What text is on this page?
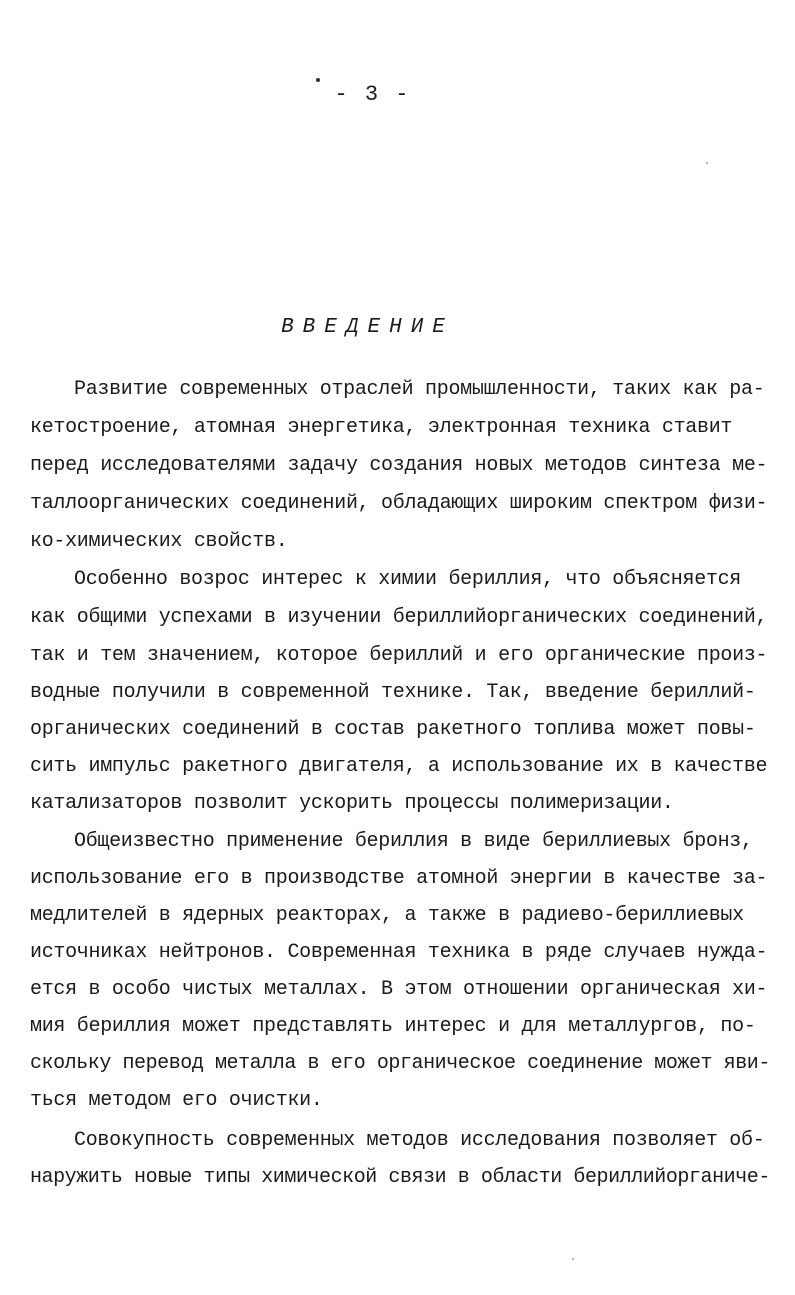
- 3 -
ВВЕДЕНИЕ
Развитие современных отраслей промышленности, таких как ра-
кетостроение, атомная энергетика, электронная техника ставит
перед исследователями задачу создания новых методов синтеза ме-
таллоорганических соединений, обладающих широким спектром физи-
ко-химических свойств.
Особенно возрос интерес к химии бериллия, что объясняется
как общими успехами в изучении бериллийорганических соединений,
так и тем значением, которое бериллий и его органические произ-
водные получили в современной технике. Так, введение бериллий-
органических соединений в состав ракетного топлива может повы-
сить импульс ракетного двигателя, а использование их в качестве
катализаторов позволит ускорить процессы полимеризации.
Общеизвестно применение бериллия в виде бериллиевых бронз,
использование его в производстве атомной энергии в качестве за-
медлителей в ядерных реакторах, а также в радиево-бериллиевых
источниках нейтронов. Современная техника в ряде случаев нужда-
ется в особо чистых металлах. В этом отношении органическая хи-
мия бериллия может представлять интерес и для металлургов, по-
скольку перевод металла в его органическое соединение может яви-
ться методом его очистки.
Совокупность современных методов исследования позволяет об-
наружить новые типы химической связи в области бериллийорганиче-
